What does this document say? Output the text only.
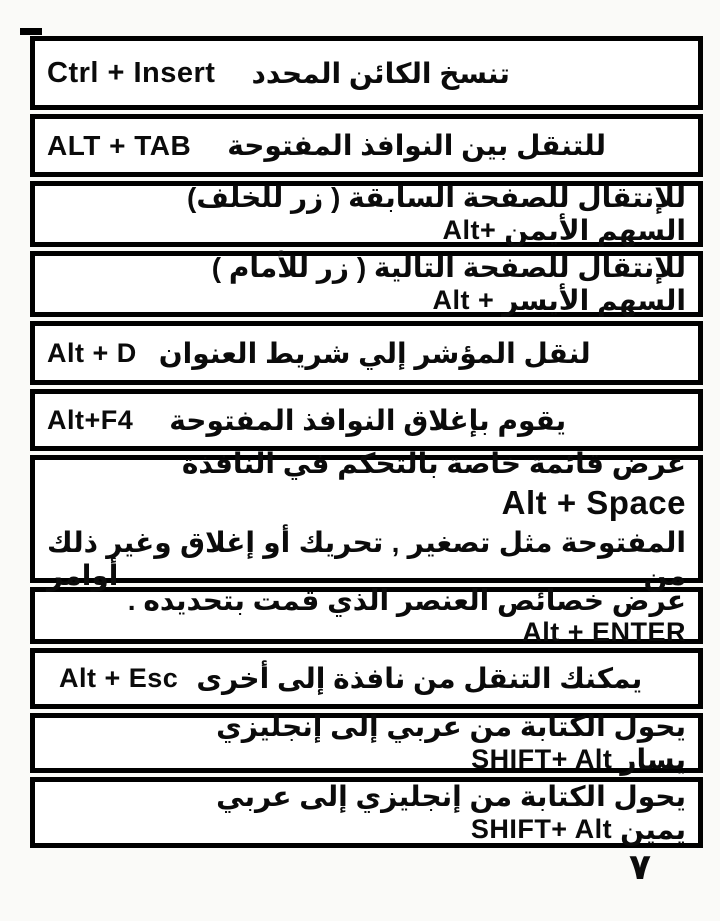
تنسخ الكائن المحدد
Ctrl + Insert
للتنقل بين النوافذ المفتوحة
ALT + TAB
للإنتقال للصفحة السابقة ( زر للخلف)
السهم الأيمن
Alt+
للإنتقال للصفحة التالية ( زر للأمام )
السهم الأيسر
Alt +
لنقل المؤشر إلي شريط العنوان
Alt + D
يقوم بإغلاق النوافذ المفتوحة
Alt+F4
عرض قائمة خاصة بالتحكم في النافذة
Alt + Space
المفتوحة مثل تصغير , تحريك أو إغلاق وغير ذلك من أوامر
عرض خصائص العنصر الذي قمت بتحديده .
Alt + ENTER
يمكنك التنقل من نافذة إلى أخرى
Alt + Esc
يحول الكتابة من عربي إلى إنجليزي
يسار
SHIFT+ Alt
يحول الكتابة من إنجليزي إلى عربي
يمين
SHIFT+ Alt
٧
